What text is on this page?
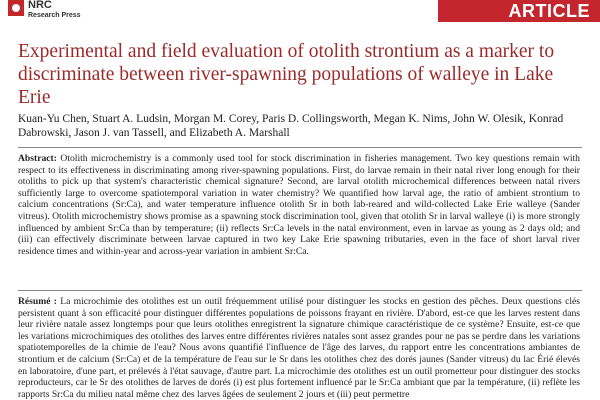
NRC
Research Press	ARTICLE
Experimental and field evaluation of otolith strontium as a marker to discriminate between river-spawning populations of walleye in Lake Erie
Kuan-Yu Chen, Stuart A. Ludsin, Morgan M. Corey, Paris D. Collingsworth, Megan K. Nims, John W. Olesik, Konrad Dabrowski, Jason J. van Tassell, and Elizabeth A. Marshall
Abstract: Otolith microchemistry is a commonly used tool for stock discrimination in fisheries management. Two key questions remain with respect to its effectiveness in discriminating among river-spawning populations. First, do larvae remain in their natal river long enough for their otoliths to pick up that system's characteristic chemical signature? Second, are larval otolith microchemical differences between natal rivers sufficiently large to overcome spatiotemporal variation in water chemistry? We quantified how larval age, the ratio of ambient strontium to calcium concentrations (Sr:Ca), and water temperature influence otolith Sr in both lab-reared and wild-collected Lake Erie walleye (Sander vitreus). Otolith microchemistry shows promise as a spawning stock discrimination tool, given that otolith Sr in larval walleye (i) is more strongly influenced by ambient Sr:Ca than by temperature; (ii) reflects Sr:Ca levels in the natal environment, even in larvae as young as 2 days old; and (iii) can effectively discriminate between larvae captured in two key Lake Erie spawning tributaries, even in the face of short larval river residence times and within-year and across-year variation in ambient Sr:Ca.
Résumé : La microchimie des otolithes est un outil fréquemment utilisé pour distinguer les stocks en gestion des pêches. Deux questions clés persistent quant à son efficacité pour distinguer différentes populations de poissons frayant en rivière. D'abord, est-ce que les larves restent dans leur rivière natale assez longtemps pour que leurs otolithes enregistrent la signature chimique caractéristique de ce système? Ensuite, est-ce que les variations microchimiques des otolithes des larves entre différentes rivières natales sont assez grandes pour ne pas se perdre dans les variations spatiotemporelles de la chimie de l'eau? Nous avons quantifié l'influence de l'âge des larves, du rapport entre les concentrations ambiantes de strontium et de calcium (Sr:Ca) et de la température de l'eau sur le Sr dans les otolithes chez des dorés jaunes (Sander vitreus) du lac Érié élevés en laboratoire, d'une part, et prélevés à l'état sauvage, d'autre part. La microchimie des otolithes est un outil prometteur pour distinguer des stocks reproducteurs, car le Sr des otolithes de larves de dorés (i) est plus fortement influencé par le Sr:Ca ambiant que par la température, (ii) reflète les rapports Sr:Ca du milieu natal même chez des larves âgées de seulement 2 jours et (iii) peut permettre
